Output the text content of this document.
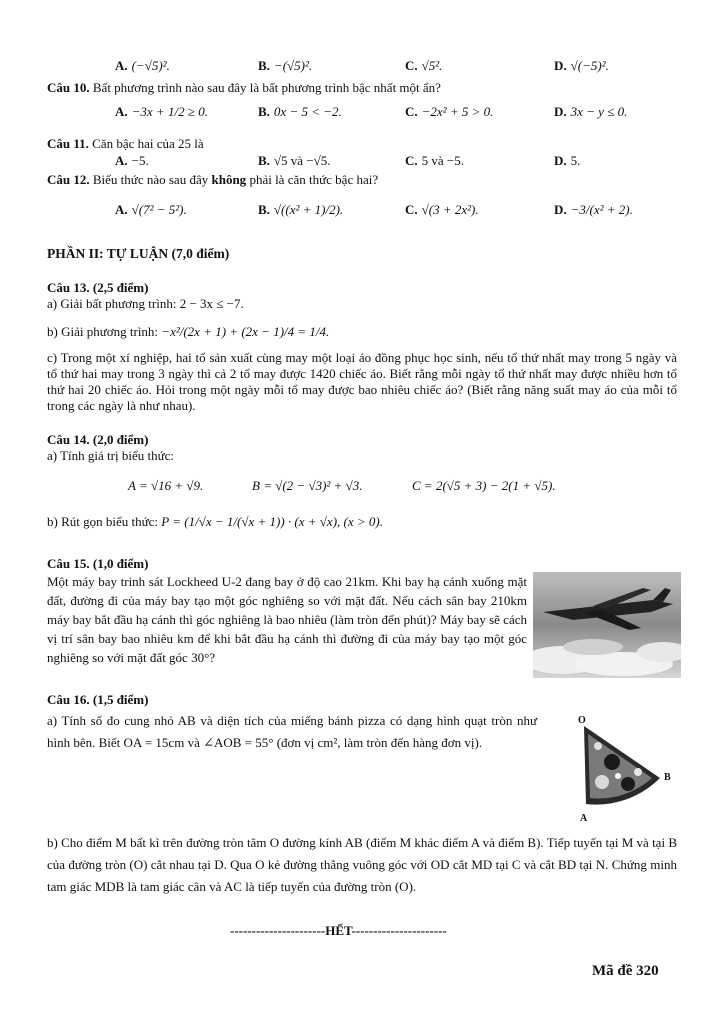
A. (−√5)².	B. −(√5)².	C. √5².	D. √(−5)².
Câu 10. Bất phương trình nào sau đây là bất phương trình bậc nhất một ẩn?
A. −3x + 1/2 ≥ 0.	B. 0x − 5 < −2.	C. −2x² + 5 > 0.	D. 3x − y ≤ 0.
Câu 11. Căn bậc hai của 25 là
A. −5.	B. √5 và −√5.	C. 5 và −5.	D. 5.
Câu 12. Biểu thức nào sau đây không phải là căn thức bậc hai?
A. √(7² − 5²).	B. √((x² + 1)/2).	C. √(3 + 2x²).	D. −3/(x² + 2).
PHẦN II: TỰ LUẬN (7,0 điểm)
Câu 13. (2,5 điểm)
a) Giải bất phương trình: 2 − 3x ≤ −7.
b) Giải phương trình: −x²/(2x + 1) + (2x − 1)/4 = 1/4.
c) Trong một xí nghiệp, hai tổ sản xuất cùng may một loại áo đồng phục học sinh, nếu tổ thứ nhất may trong 5 ngày và tổ thứ hai may trong 3 ngày thì cả 2 tổ may được 1420 chiếc áo. Biết rằng mỗi ngày tổ thứ nhất may được nhiều hơn tổ thứ hai 20 chiếc áo. Hỏi trong một ngày mỗi tổ may được bao nhiêu chiếc áo? (Biết rằng năng suất may áo của mỗi tổ trong các ngày là như nhau).
Câu 14. (2,0 điểm)
a) Tính giá trị biểu thức:
A = √16 + √9.	B = √(2 − √3)² + √3.	C = 2(√5 + 3) − 2(1 + √5).
b) Rút gọn biểu thức: P = (1/√x − 1/(√x + 1)) · (x + √x), (x > 0).
Câu 15. (1,0 điểm)
Một máy bay trinh sát Lockheed U-2 đang bay ở độ cao 21km. Khi bay hạ cánh xuống mặt đất, đường đi của máy bay tạo một góc nghiêng so với mặt đất. Nếu cách sân bay 210km máy bay bắt đầu hạ cánh thì góc nghiêng là bao nhiêu (làm tròn đến phút)? Máy bay sẽ cách vị trí sân bay bao nhiêu km để khi bắt đầu hạ cánh thì đường đi của máy bay tạo một góc nghiêng so với mặt đất góc 30°?
Câu 16. (1,5 điểm)
a) Tính số đo cung nhỏ AB và diện tích của miếng bánh pizza có dạng hình quạt tròn như hình bên. Biết OA = 15cm và ∠AOB = 55° (đơn vị cm², làm tròn đến hàng đơn vị).
O
B
A
b) Cho điểm M bất kì trên đường tròn tâm O đường kính AB (điểm M khác điểm A và điểm B). Tiếp tuyến tại M và tại B của đường tròn (O) cắt nhau tại D. Qua O kẻ đường thẳng vuông góc với OD cắt MD tại C và cắt BD tại N. Chứng minh tam giác MDB là tam giác cân và AC là tiếp tuyến của đường tròn (O).
----------------------HẾT----------------------
Mã đề 320
